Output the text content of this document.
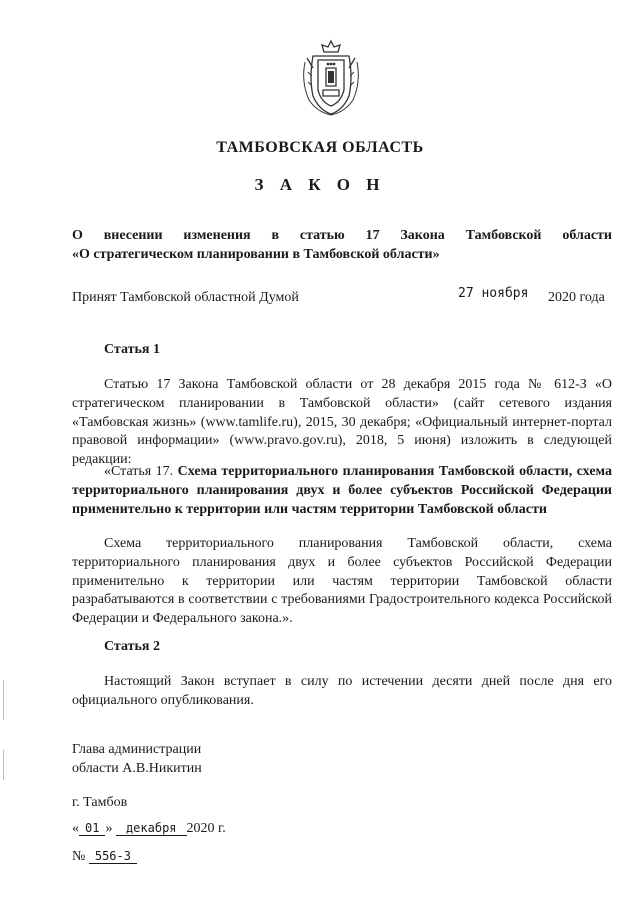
ТАМБОВСКАЯ ОБЛАСТЬ
З А К О Н
О внесении изменения в статью 17 Закона Тамбовской области
«О стратегическом планировании в Тамбовской области»
Принят Тамбовской областной Думой	27 ноября 2020 года
Статья 1
Статью 17 Закона Тамбовской области от 28 декабря 2015 года № 612-З «О стратегическом планировании в Тамбовской области» (сайт сетевого издания «Тамбовская жизнь» (www.tamlife.ru), 2015, 30 декабря; «Официальный интернет-портал правовой информации» (www.pravo.gov.ru), 2018, 5 июня) изложить в следующей редакции:
«Статья 17. Схема территориального планирования Тамбовской области, схема территориального планирования двух и более субъектов Российской Федерации применительно к территории или частям территории Тамбовской области
Схема территориального планирования Тамбовской области, схема территориального планирования двух и более субъектов Российской Федерации применительно к территории или частям территории Тамбовской области разрабатываются в соответствии с требованиями Градостроительного кодекса Российской Федерации и Федерального закона.».
Статья 2
Настоящий Закон вступает в силу по истечении десяти дней после дня его официального опубликования.
Глава администрации
области А.В.Никитин
г. Тамбов
« 01 » декабря 2020 г.
№ 556-З
